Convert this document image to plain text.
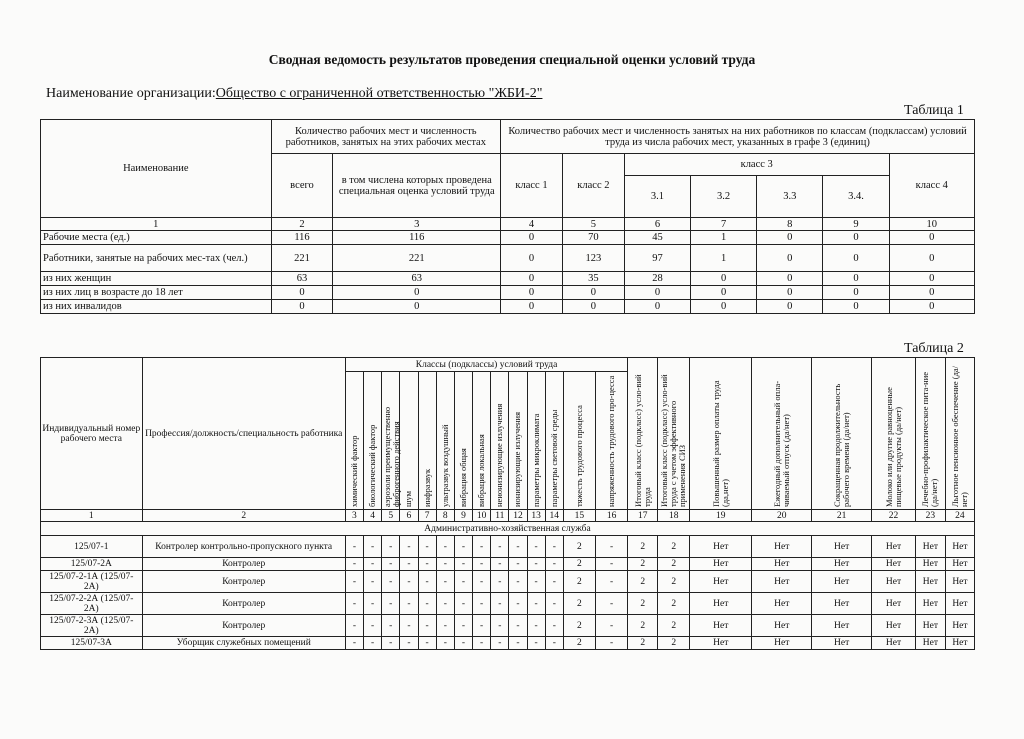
Сводная ведомость результатов проведения специальной оценки условий труда
Наименование организации:Общество с ограниченной ответственностью "ЖБИ-2"
Таблица 1
Наименование	Количество рабочих мест и численность работников, занятых на этих рабочих местах		Количество рабочих мест и численность занятых на них работников по классам (подклассам) условий труда из числа рабочих мест, указанных в графе 3 (единиц)						
	всего	в том числена которых проведена специальная оценка условий труда	класс 1	класс 2	класс 3				класс 4
					3.1	3.2	3.3	3.4.	
1	2	3	4	5	6	7	8	9	10
Рабочие места (ед.)	116	116	0	70	45	1	0	0	0
Работники, занятые на рабочих мес-тах (чел.)	221	221	0	123	97	1	0	0	0
из них женщин	63	63	0	35	28	0	0	0	0
из них лиц в возрасте до 18 лет	0	0	0	0	0	0	0	0	0
из них инвалидов	0	0	0	0	0	0	0	0	0
Таблица 2
Индивидуальный номер рабочего места	Профессия/должность/специальность работника	Классы (подклассы) условий труда														Итоговый класс (подкласс) усло-вий труда	Итоговый класс (подкласс) усло-вий труда с учетом эффективного применения СИЗ	Повышенный размер оплаты труда (да,нет)	Ежегодный дополнительный опла-чиваемый отпуск (да/нет)	Сокращенная продолжительность рабочего времени (да/нет)	Молоко или другие равноценные пищевые продукты (да/нет)	Лечебно-профилактическое пита-ние (да/нет)	Льготное пенсионное обеспечение (да/нет)

		химический фактор	биологический фактор	аэрозоли преимущественно фиброгенного действия	шум	инфразвук	ультразвук воздушный	вибрация общая	вибрация локальная	неионизирующие излучения	ионизирующие излучения	параметры микроклимата	параметры световой среды	тяжесть трудового процесса	напряженность трудового про-цесса								

1	2	3	4	5	6	7	8	9	10	11	12	13	14	15	16	17	18	19	20	21	22	23	24
Административно-хозяйственная служба																							
125/07-1	Контролер контрольно-пропускного пункта	-	-	-	-	-	-	-	-	-	-	-	-	2	-	2	2	Нет	Нет	Нет	Нет	Нет	Нет
125/07-2А	Контролер	-	-	-	-	-	-	-	-	-	-	-	-	2	-	2	2	Нет	Нет	Нет	Нет	Нет	Нет
125/07-2-1А (125/07-2А)	Контролер	-	-	-	-	-	-	-	-	-	-	-	-	2	-	2	2	Нет	Нет	Нет	Нет	Нет	Нет
125/07-2-2А (125/07-2А)	Контролер	-	-	-	-	-	-	-	-	-	-	-	-	2	-	2	2	Нет	Нет	Нет	Нет	Нет	Нет
125/07-2-3А (125/07-2А)	Контролер	-	-	-	-	-	-	-	-	-	-	-	-	2	-	2	2	Нет	Нет	Нет	Нет	Нет	Нет
125/07-3А	Уборщик служебных помещений	-	-	-	-	-	-	-	-	-	-	-	-	2	-	2	2	Нет	Нет	Нет	Нет	Нет	Нет
